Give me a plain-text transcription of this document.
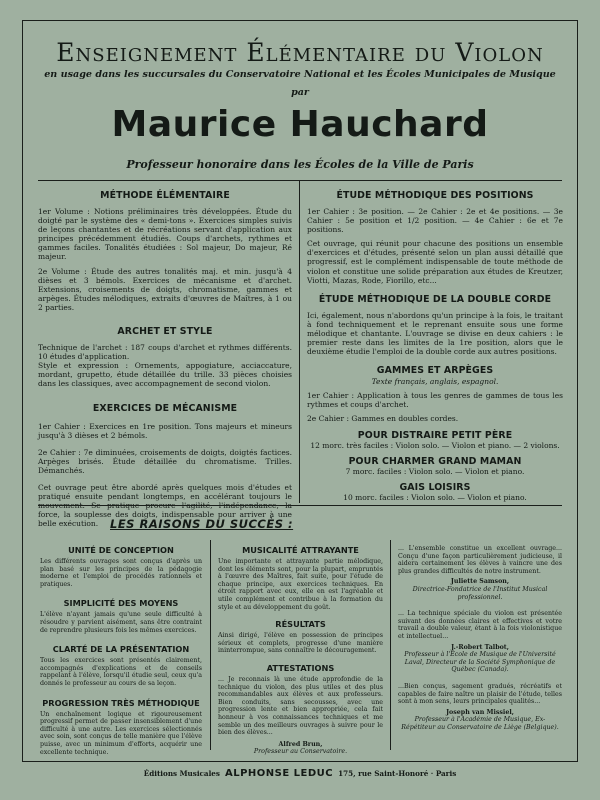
Enseignement Élémentaire du Violon
en usage dans les succursales du Conservatoire National et les Écoles Municipales de Musique
par
Maurice Hauchard
Professeur honoraire dans les Écoles de la Ville de Paris
MÉTHODE ÉLÉMENTAIRE

1er Volume : Notions préliminaires très développées. Étude du doigté par le système des « demi-tons ». Exercices simples suivis de leçons chantantes et de récréations servant d'application aux principes précédemment étudiés. Coups d'archets, rythmes et gammes faciles. Tonalités étudiées : Sol majeur, Do majeur, Ré majeur.

2e Volume : Étude des autres tonalités maj. et min. jusqu'à 4 dièses et 3 bémols. Exercices de mécanisme et d'archet. Extensions, croisements de doigts, chromatisme, gammes et arpèges. Études mélodiques, extraits d'œuvres de Maîtres, à 1 ou 2 parties.

ARCHET ET STYLE

Technique de l'archet : 187 coups d'archet et rythmes différents. 10 études d'application.

Style et expression : Ornements, appogiature, acciaccature, mordant, grupetto, étude détaillée du trille. 33 pièces choisies dans les classiques, avec accompagnement de second violon.

EXERCICES DE MÉCANISME

1er Cahier : Exercices en 1re position. Tons majeurs et mineurs jusqu'à 3 dièses et 2 bémols.

2e Cahier : 7e diminuées, croisements de doigts, doigtés factices. Arpèges brisés. Étude détaillée du chromatisme. Trilles. Démanchés.

Cet ouvrage peut être abordé après quelques mois d'études et pratiqué ensuite pendant longtemps, en accélérant toujours le mouvement. Se pratique procure l'agilité, l'indépendance, la force, la souplesse des doigts, indispensable pour arriver à une belle exécution.

ÉTUDE MÉTHODIQUE DES POSITIONS

1er Cahier : 3e position. — 2e Cahier : 2e et 4e positions. — 3e Cahier : 5e position et 1/2 position. — 4e Cahier : 6e et 7e positions.

Cet ouvrage, qui réunit pour chacune des positions un ensemble d'exercices et d'études, présenté selon un plan aussi détaillé que progressif, est le complément indispensable de toute méthode de violon et constitue une solide préparation aux études de Kreutzer, Viotti, Mazas, Rode, Fiorillo, etc...

ÉTUDE MÉTHODIQUE DE LA DOUBLE CORDE

Ici, également, nous n'abordons qu'un principe à la fois, le traitant à fond techniquement et le reprenant ensuite sous une forme mélodique et chantante. L'ouvrage se divise en deux cahiers : le premier reste dans les limites de la 1re position, alors que le deuxième étudie l'emploi de la double corde aux autres positions.

GAMMES ET ARPÈGES

Texte français, anglais, espagnol.

1er Cahier : Application à tous les genres de gammes de tous les rythmes et coups d'archet.

2e Cahier : Gammes en doubles cordes.

POUR DISTRAIRE PETIT PÈRE

12 morc. très faciles : Violon solo. — Violon et piano. — 2 violons.

POUR CHARMER GRAND MAMAN

7 morc. faciles : Violon solo. — Violon et piano.

GAIS LOISIRS

10 morc. faciles : Violon solo. — Violon et piano.

LES RAISONS DU SUCCÈS :
UNITÉ DE CONCEPTION

Les différents ouvrages sont conçus d'après un plan basé sur les principes de la pédagogie moderne et l'emploi de procédés rationnels et pratiques.

SIMPLICITÉ DES MOYENS

L'élève n'ayant jamais qu'une seule difficulté à résoudre y parvient aisément, sans être contraint de reprendre plusieurs fois les mêmes exercices.

CLARTÉ DE LA PRÉSENTATION

Tous les exercices sont présentés clairement, accompagnés d'explications et de conseils rappelant à l'élève, lorsqu'il étudie seul, ceux qu'a donnés le professeur au cours de sa leçon.

PROGRESSION TRÈS MÉTHODIQUE

Un enchaînement logique et rigoureusement progressif permet de passer insensiblement d'une difficulté à une autre. Les exercices sélectionnés avec soin, sont conçus de telle manière que l'élève puisse, avec un minimum d'efforts, acquérir une excellente technique.

MUSICALITÉ ATTRAYANTE

Une importante et attrayante partie mélodique, dont les éléments sont, pour la plupart, empruntés à l'œuvre des Maîtres, fait suite, pour l'étude de chaque principe, aux exercices techniques. En étroit rapport avec eux, elle en est l'agréable et utile complément et contribue à la formation du style et au développement du goût.

RÉSULTATS

Ainsi dirigé, l'élève en possession de principes sérieux et complets, progresse d'une manière ininterrompue, sans connaître le découragement.

ATTESTATIONS

... Je reconnais là une étude approfondie de la technique du violon, des plus utiles et des plus recommandables aux élèves et aux professeurs. Bien conduits, sans secousses, avec une progression lente et bien appropriée, cela fait honneur à vos connaissances techniques et me semble un des meilleurs ouvrages à suivre pour le bien des élèves...

Alfred Brun,
Professeur au Conservatoire.

... L'ensemble constitue un excellent ouvrage... Conçu d'une façon particulièrement judicieuse, il aidera certainement les élèves à vaincre une des plus grandes difficultés de notre instrument.

Juliette Samson,
Directrice-Fondatrice de l'Institut Musical professionnel.

... La technique spéciale du violon est présentée suivant des données claires et effectives et votre travail a double valeur, étant à la fois violonistique et intellectuel...

J.-Robert Talbot,
Professeur à l'École de Musique de l'Université Laval, Directeur de la Société Symphonique de Québec (Canada).

...Bien conçus, sagement gradués, récréatifs et capables de faire naître un plaisir de l'étude, telles sont à mon sens, leurs principales qualités...

Joseph van Missiel,
Professeur à l'Académie de Musique, Ex-Répétiteur au Conservatoire de Liège (Belgique).
Éditions Musicales ALPHONSE LEDUC 175, rue Saint-Honoré · Paris
